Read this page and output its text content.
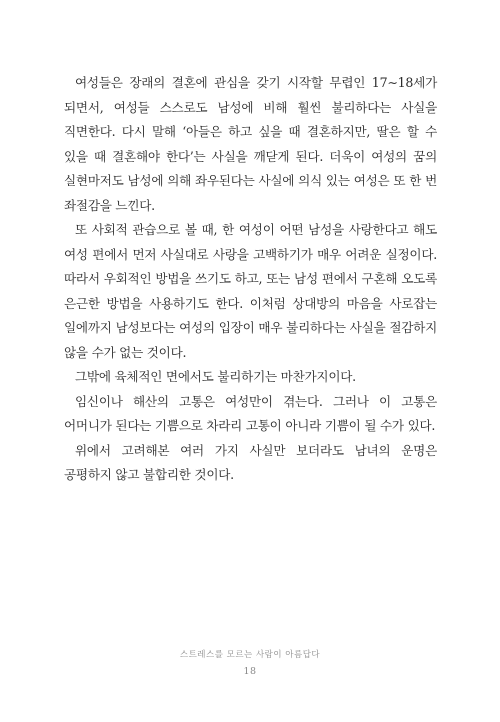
여성들은 장래의 결혼에 관심을 갖기 시작할 무렵인 17∼18세가 되면서, 여성들 스스로도 남성에 비해 훨씬 불리하다는 사실을 직면한다. 다시 말해 ‘아들은 하고 싶을 때 결혼하지만, 딸은 할 수 있을 때 결혼해야 한다’는 사실을 깨닫게 된다. 더욱이 여성의 꿈의 실현마저도 남성에 의해 좌우된다는 사실에 의식 있는 여성은 또 한 번 좌절감을 느낀다.

또 사회적 관습으로 볼 때, 한 여성이 어떤 남성을 사랑한다고 해도 여성 편에서 먼저 사실대로 사랑을 고백하기가 매우 어려운 실정이다. 따라서 우회적인 방법을 쓰기도 하고, 또는 남성 편에서 구혼해 오도록 은근한 방법을 사용하기도 한다. 이처럼 상대방의 마음을 사로잡는 일에까지 남성보다는 여성의 입장이 매우 불리하다는 사실을 절감하지 않을 수가 없는 것이다.

그밖에 육체적인 면에서도 불리하기는 마찬가지이다.

임신이나 해산의 고통은 여성만이 겪는다. 그러나 이 고통은 어머니가 된다는 기쁨으로 차라리 고통이 아니라 기쁨이 될 수가 있다.

위에서 고려해본 여러 가지 사실만 보더라도 남녀의 운명은 공평하지 않고 불합리한 것이다.

스트레스를 모르는 사람이 아름답다
18
